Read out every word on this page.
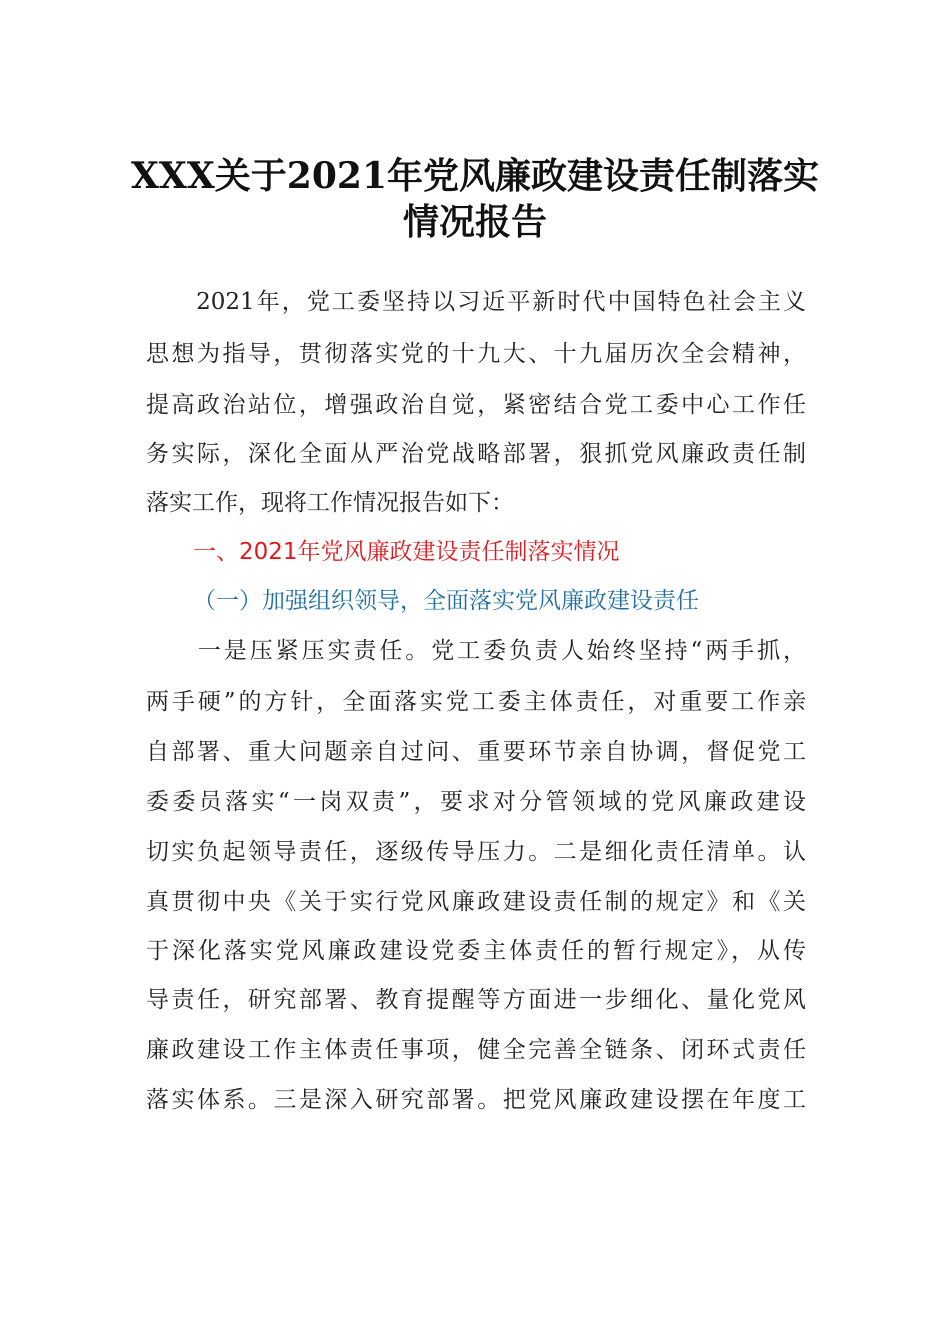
XXX关于2021年党风廉政建设责任制落实
情况报告
　　2021年，党工委坚持以习近平新时代中国特色社会主义
思想为指导，贯彻落实党的十九大、十九届历次全会精神，
提高政治站位，增强政治自觉，紧密结合党工委中心工作任
务实际，深化全面从严治党战略部署，狠抓党风廉政责任制
落实工作，现将工作情况报告如下：
一、2021年党风廉政建设责任制落实情况
（一）加强组织领导，全面落实党风廉政建设责任
　　一是压紧压实责任。党工委负责人始终坚持“两手抓，
两手硬”的方针，全面落实党工委主体责任，对重要工作亲
自部署、重大问题亲自过问、重要环节亲自协调，督促党工
委委员落实“一岗双责”，要求对分管领域的党风廉政建设
切实负起领导责任，逐级传导压力。二是细化责任清单。认
真贯彻中央《关于实行党风廉政建设责任制的规定》和《关
于深化落实党风廉政建设党委主体责任的暂行规定》，从传
导责任，研究部署、教育提醒等方面进一步细化、量化党风
廉政建设工作主体责任事项，健全完善全链条、闭环式责任
落实体系。三是深入研究部署。把党风廉政建设摆在年度工
